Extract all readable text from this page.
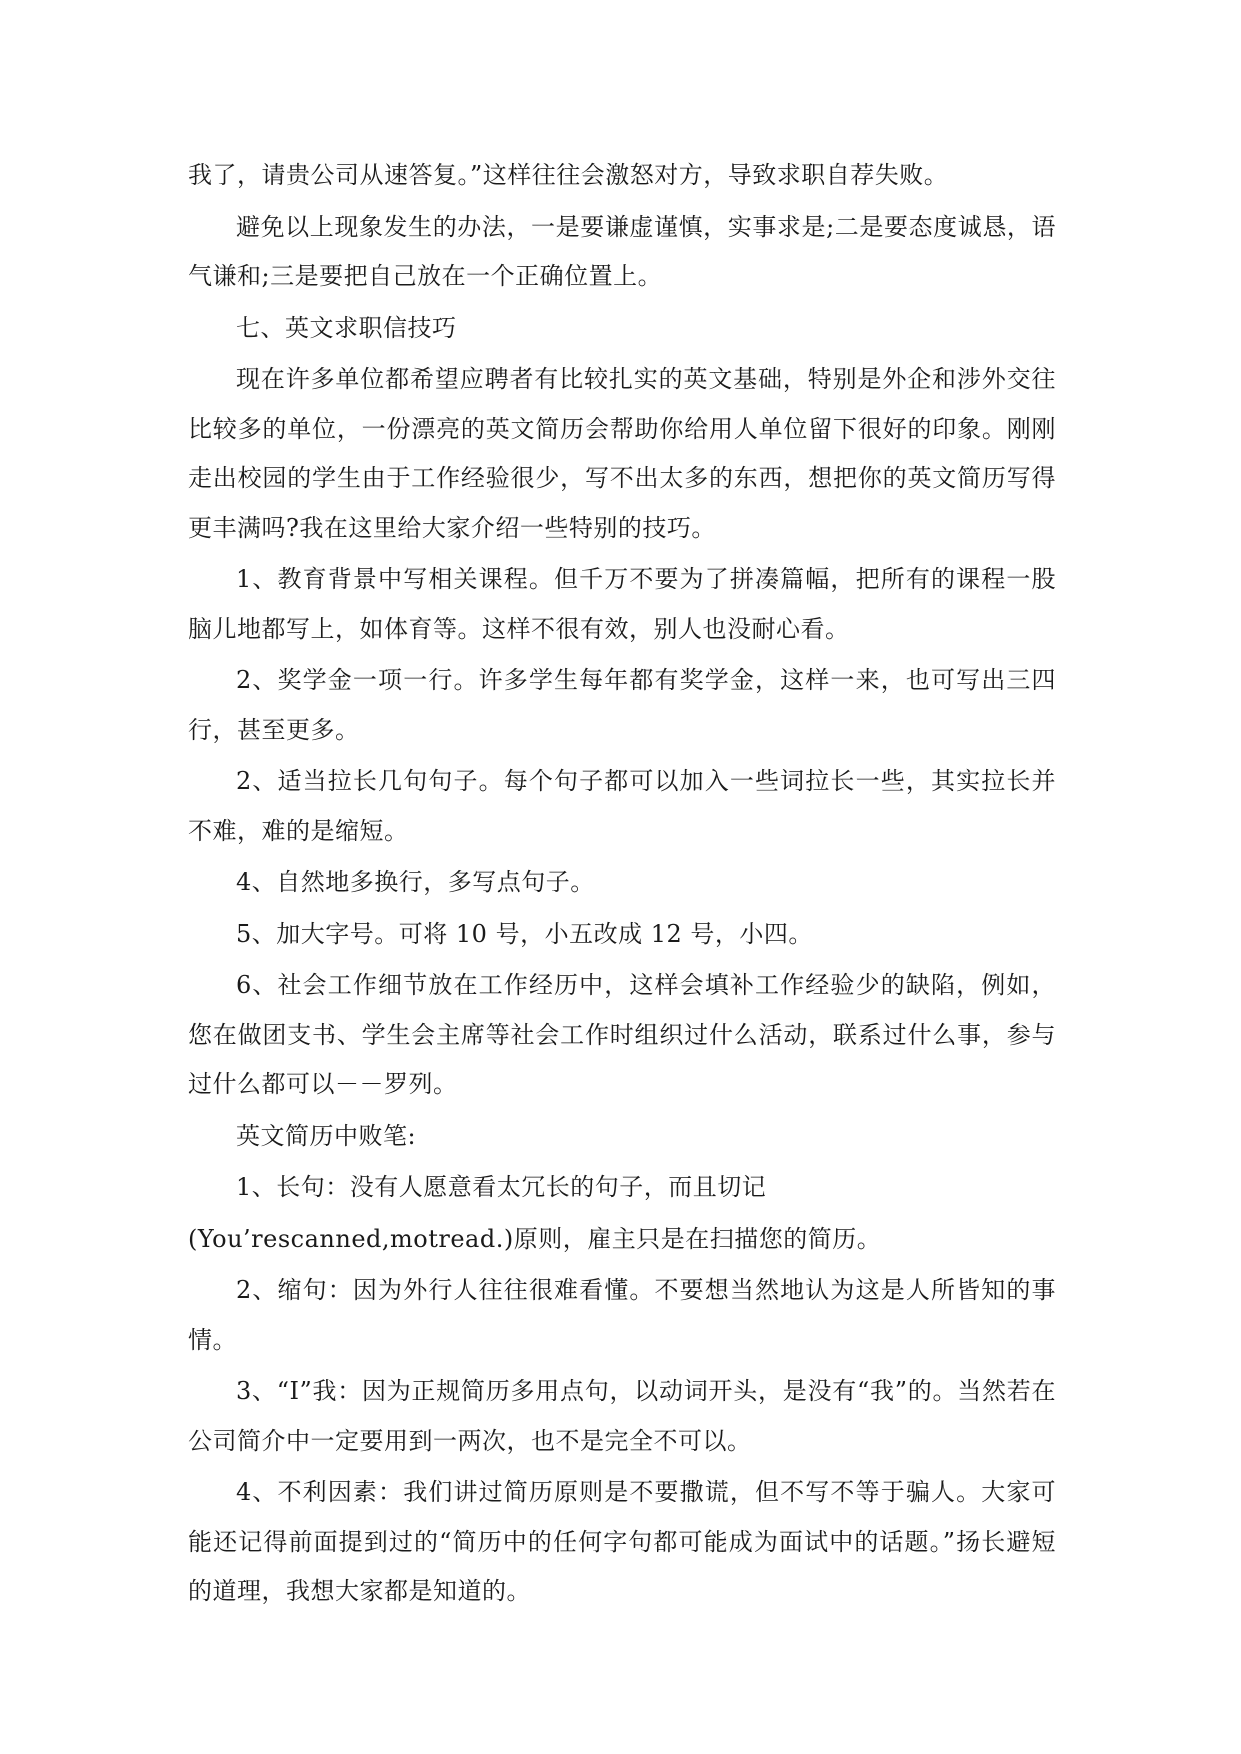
我了，请贵公司从速答复。”这样往往会激怒对方，导致求职自荐失败。

避免以上现象发生的办法，一是要谦虚谨慎，实事求是;二是要态度诚恳，语气谦和;三是要把自己放在一个正确位置上。

七、英文求职信技巧

现在许多单位都希望应聘者有比较扎实的英文基础，特别是外企和涉外交往比较多的单位，一份漂亮的英文简历会帮助你给用人单位留下很好的印象。刚刚走出校园的学生由于工作经验很少，写不出太多的东西，想把你的英文简历写得更丰满吗?我在这里给大家介绍一些特别的技巧。

1、教育背景中写相关课程。但千万不要为了拼凑篇幅，把所有的课程一股脑儿地都写上，如体育等。这样不很有效，别人也没耐心看。

2、奖学金一项一行。许多学生每年都有奖学金，这样一来，也可写出三四行，甚至更多。

2、适当拉长几句句子。每个句子都可以加入一些词拉长一些，其实拉长并不难，难的是缩短。

4、自然地多换行，多写点句子。

5、加大字号。可将 10 号，小五改成 12 号，小四。

6、社会工作细节放在工作经历中，这样会填补工作经验少的缺陷，例如，您在做团支书、学生会主席等社会工作时组织过什么活动，联系过什么事，参与过什么都可以－－罗列。

英文简历中败笔:

1、长句：没有人愿意看太冗长的句子，而且切记

(You’rescanned,motread.)原则，雇主只是在扫描您的简历。

2、缩句：因为外行人往往很难看懂。不要想当然地认为这是人所皆知的事情。

3、“I”我：因为正规简历多用点句，以动词开头，是没有“我”的。当然若在公司简介中一定要用到一两次，也不是完全不可以。

4、不利因素：我们讲过简历原则是不要撒谎，但不写不等于骗人。大家可能还记得前面提到过的“简历中的任何字句都可能成为面试中的话题。”扬长避短的道理，我想大家都是知道的。
